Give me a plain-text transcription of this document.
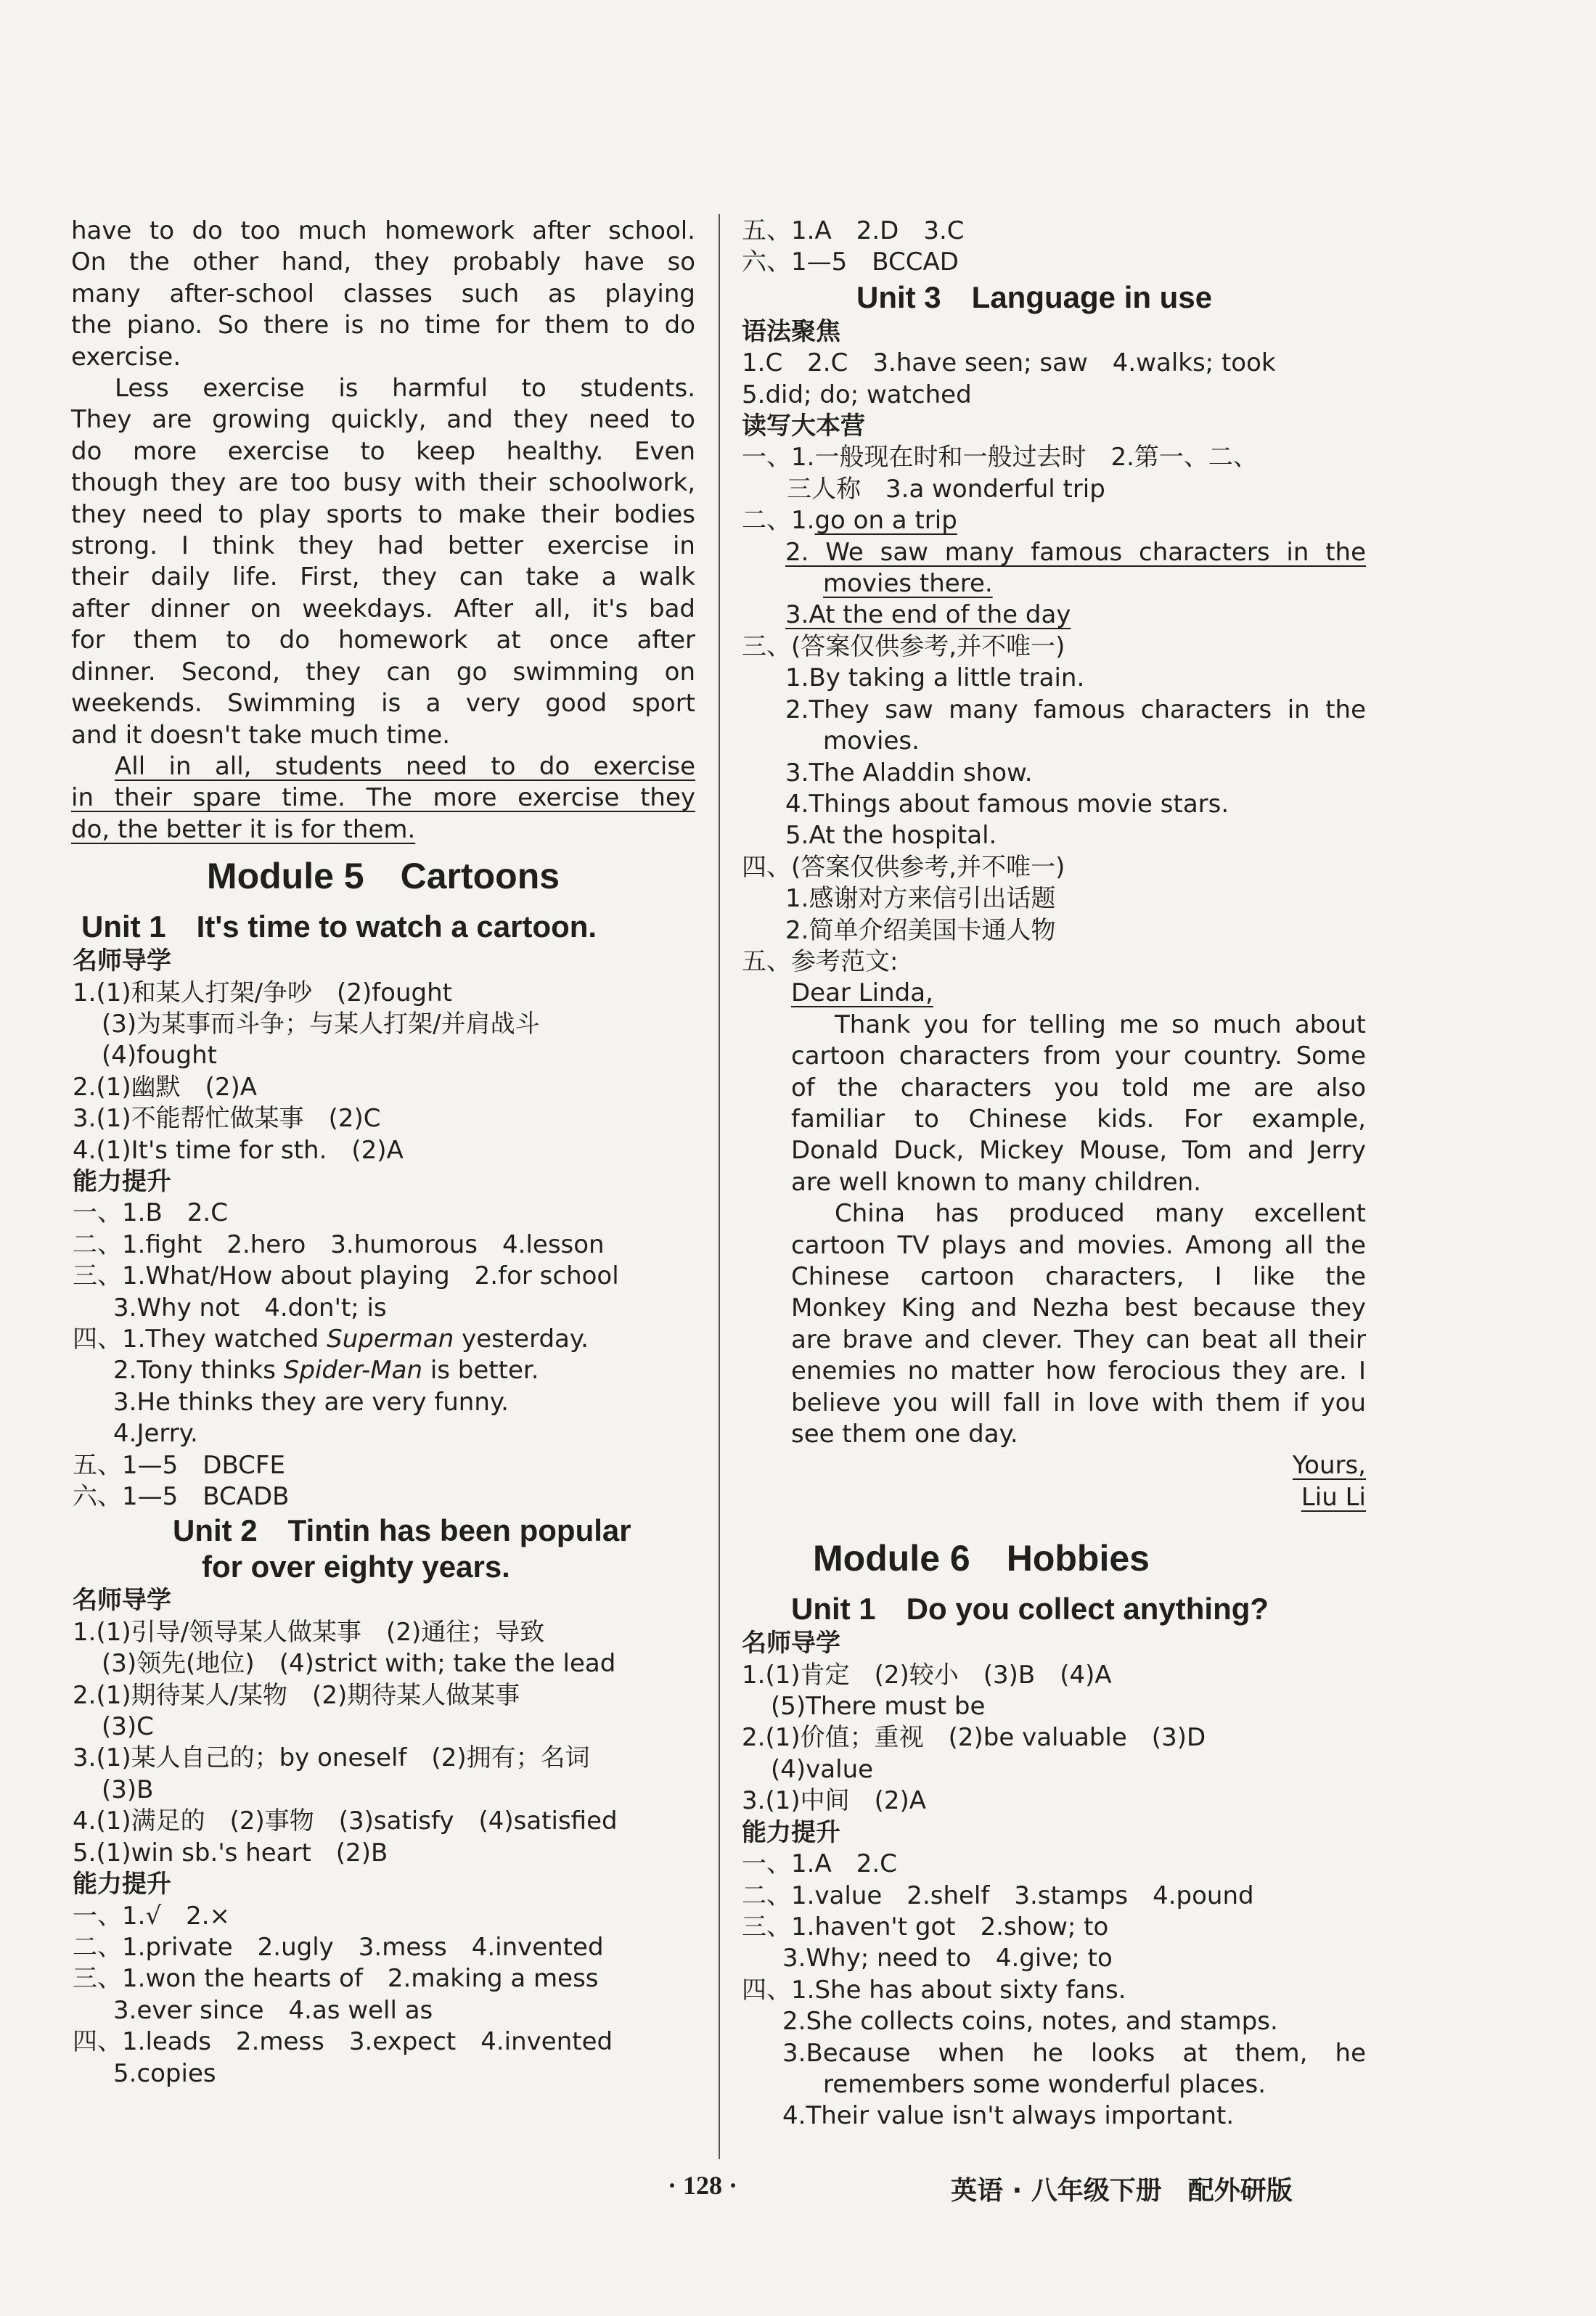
have to do too much homework after school.
On the other hand, they probably have so
many after-school classes such as playing
the piano. So there is no time for them to do
exercise.
Less exercise is harmful to students.
They are growing quickly, and they need to
do more exercise to keep healthy. Even
though they are too busy with their schoolwork,
they need to play sports to make their bodies
strong. I think they had better exercise in
their daily life. First, they can take a walk
after dinner on weekdays. After all, it's bad
for them to do homework at once after
dinner. Second, they can go swimming on
weekends. Swimming is a very good sport
and it doesn't take much time.
All in all, students need to do exercise
in their spare time. The more exercise they
do, the better it is for them.
Module 5　Cartoons
Unit 1　It's time to watch a cartoon.
名师导学
1.(1)和某人打架/争吵　(2)fought
(3)为某事而斗争；与某人打架/并肩战斗
(4)fought
2.(1)幽默　(2)A
3.(1)不能帮忙做某事　(2)C
4.(1)It's time for sth.　(2)A
能力提升
一、1.B　2.C
二、1.fight　2.hero　3.humorous　4.lesson
三、1.What/How about playing　2.for school
3.Why not　4.don't; is
四、1.They watched Superman yesterday.
2.Tony thinks Spider-Man is better.
3.He thinks they are very funny.
4.Jerry.
五、1—5　DBCFE
六、1—5　BCADB
Unit 2　Tintin has been popular
for over eighty years.
名师导学
1.(1)引导/领导某人做某事　(2)通往；导致
(3)领先(地位)　(4)strict with; take the lead
2.(1)期待某人/某物　(2)期待某人做某事
(3)C
3.(1)某人自己的；by oneself　(2)拥有；名词
(3)B
4.(1)满足的　(2)事物　(3)satisfy　(4)satisfied
5.(1)win sb.'s heart　(2)B
能力提升
一、1.√　2.×
二、1.private　2.ugly　3.mess　4.invented
三、1.won the hearts of　2.making a mess
3.ever since　4.as well as
四、1.leads　2.mess　3.expect　4.invented
5.copies
五、1.A　2.D　3.C
六、1—5　BCCAD
Unit 3　Language in use
语法聚焦
1.C　2.C　3.have seen; saw　4.walks; took
5.did; do; watched
读写大本营
一、1.一般现在时和一般过去时　2.第一、二、
三人称　3.a wonderful trip
二、1.go on a trip
2. We saw many famous characters in the
movies there.
3.At the end of the day
三、(答案仅供参考,并不唯一)
1.By taking a little train.
2.They saw many famous characters in the
movies.
3.The Aladdin show.
4.Things about famous movie stars.
5.At the hospital.
四、(答案仅供参考,并不唯一)
1.感谢对方来信引出话题
2.简单介绍美国卡通人物
五、参考范文:
Dear Linda,
Thank you for telling me so much about
cartoon characters from your country. Some
of the characters you told me are also
familiar to Chinese kids. For example,
Donald Duck, Mickey Mouse, Tom and Jerry
are well known to many children.
China has produced many excellent
cartoon TV plays and movies. Among all the
Chinese cartoon characters, I like the
Monkey King and Nezha best because they
are brave and clever. They can beat all their
enemies no matter how ferocious they are. I
believe you will fall in love with them if you
see them one day.
Yours,
Liu Li
Module 6　Hobbies
Unit 1　Do you collect anything?
名师导学
1.(1)肯定　(2)较小　(3)B　(4)A
(5)There must be
2.(1)价值；重视　(2)be valuable　(3)D
(4)value
3.(1)中间　(2)A
能力提升
一、1.A　2.C
二、1.value　2.shelf　3.stamps　4.pound
三、1.haven't got　2.show; to
3.Why; need to　4.give; to
四、1.She has about sixty fans.
2.She collects coins, notes, and stamps.
3.Because when he looks at them, he
remembers some wonderful places.
4.Their value isn't always important.
· 128 ·	英语 · 八年级下册　配外研版
